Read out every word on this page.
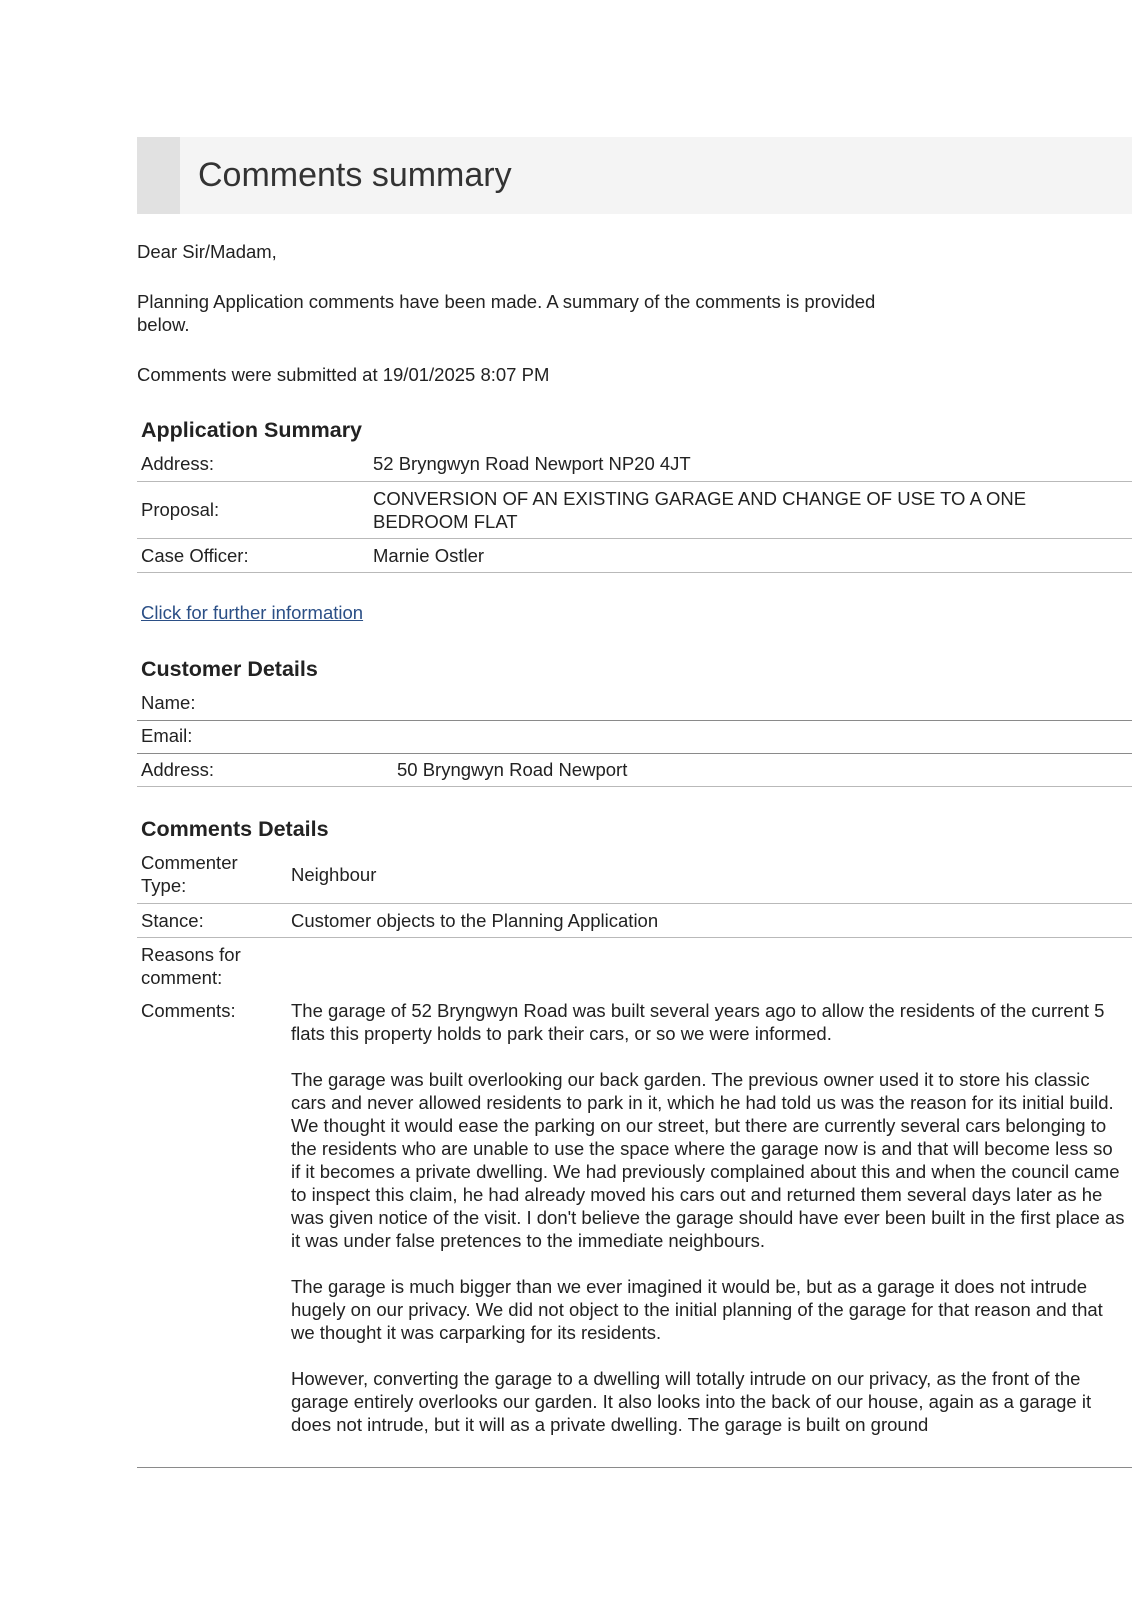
Comments summary
Dear Sir/Madam,
Planning Application comments have been made. A summary of the comments is provided
below.
Comments were submitted at 19/01/2025 8:07 PM
Application Summary
Address:	52 Bryngwyn Road Newport NP20 4JT
Proposal:
CONVERSION OF AN EXISTING GARAGE AND CHANGE OF USE TO A ONE
BEDROOM FLAT
Case Officer:	Marnie Ostler
Click for further information
Customer Details
Name:
Email:
Address:	50 Bryngwyn Road Newport
Comments Details
Commenter
Type:
Neighbour
Stance:	Customer objects to the Planning Application
Reasons for
comment:
Comments:	The garage of 52 Bryngwyn Road was built several years ago to allow the residents of the current 5 flats this property holds to park their cars, or so we were informed.

The garage was built overlooking our back garden. The previous owner used it to store his classic cars and never allowed residents to park in it, which he had told us was the reason for its initial build. We thought it would ease the parking on our street, but there are currently several cars belonging to the residents who are unable to use the space where the garage now is and that will become less so if it becomes a private dwelling. We had previously complained about this and when the council came to inspect this claim, he had already moved his cars out and returned them several days later as he was given notice of the visit. I don't believe the garage should have ever been built in the first place as it was under false pretences to the immediate neighbours.

The garage is much bigger than we ever imagined it would be, but as a garage it does not intrude hugely on our privacy. We did not object to the initial planning of the garage for that reason and that we thought it was carparking for its residents.

However, converting the garage to a dwelling will totally intrude on our privacy, as the front of the garage entirely overlooks our garden. It also looks into the back of our house, again as a garage it does not intrude, but it will as a private dwelling. The garage is built on ground
